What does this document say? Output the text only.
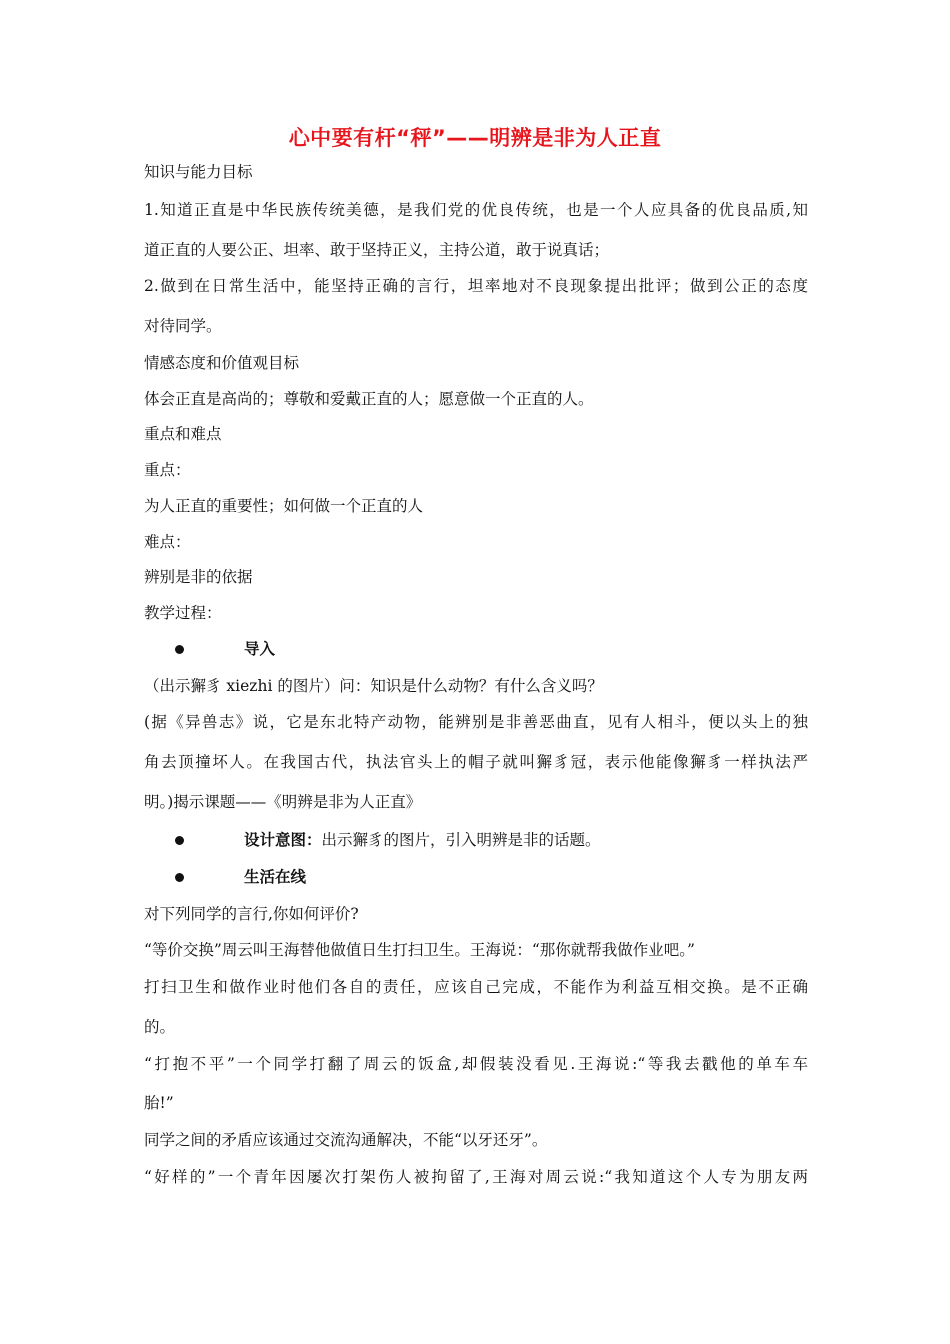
心中要有杆“秤”——明辨是非为人正直
知识与能力目标
1.知道正直是中华民族传统美德，是我们党的优良传统，也是一个人应具备的优良品质,知
道正直的人要公正、坦率、敢于坚持正义，主持公道，敢于说真话；
2.做到在日常生活中，能坚持正确的言行，坦率地对不良现象提出批评；做到公正的态度
对待同学。
情感态度和价值观目标
体会正直是高尚的；尊敬和爱戴正直的人；愿意做一个正直的人。
重点和难点
重点：
为人正直的重要性；如何做一个正直的人
难点：
辨别是非的依据
教学过程：
导入
（出示獬豸 xiezhi 的图片）问：知识是什么动物？有什么含义吗？
(据《异兽志》说，它是东北特产动物，能辨别是非善恶曲直，见有人相斗，便以头上的独
角去顶撞坏人。在我国古代，执法官头上的帽子就叫獬豸冠，表示他能像獬豸一样执法严
明。)揭示课题——《明辨是非为人正直》
设计意图：出示獬豸的图片，引入明辨是非的话题。
生活在线
对下列同学的言行,你如何评价?
“等价交换”周云叫王海替他做值日生打扫卫生。王海说：“那你就帮我做作业吧。”
打扫卫生和做作业时他们各自的责任，应该自己完成，不能作为利益互相交换。是不正确
的。
“打抱不平”一个同学打翻了周云的饭盒,却假装没看见.王海说:“等我去戳他的单车车
胎!”
同学之间的矛盾应该通过交流沟通解决，不能“以牙还牙”。
“好样的”一个青年因屡次打架伤人被拘留了,王海对周云说:“我知道这个人专为朋友两
